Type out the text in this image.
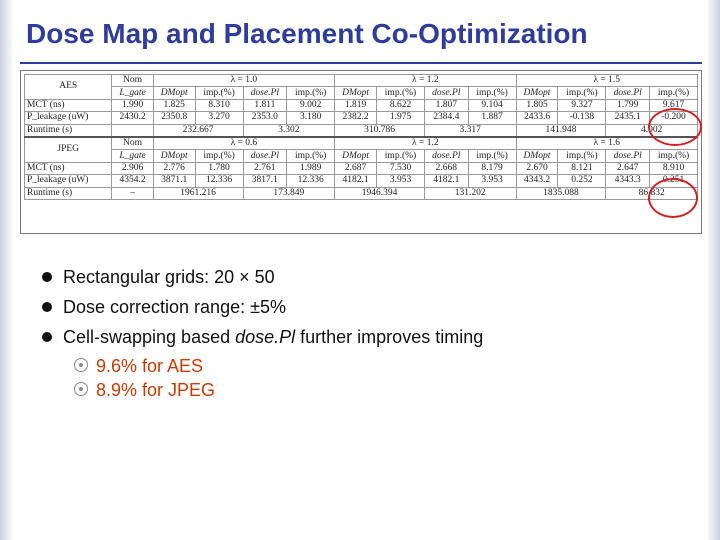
Dose Map and Placement Co-Optimization
AES	Nom	λ = 1.0				λ = 1.2				λ = 1.5			
	L_gate	DMopt	imp.(%)	dose.Pl	imp.(%)	DMopt	imp.(%)	dose.Pl	imp.(%)	DMopt	imp.(%)	dose.Pl	imp.(%)
MCT (ns)	1.990	1.825	8.310	1.811	9.002	1.819	8.622	1.807	9.104	1.805	9.327	1.799	9.617
P_leakage (uW)	2430.2	2350.8	3.270	2353.0	3.180	2382.2	1.975	2384.4	1.887	2433.6	-0.138	2435.1	-0.200
Runtime (s)		232.667		3.302		310.786		3.317		141.948		4.002	
JPEG	Nom	λ = 0.6				λ = 1.2				λ = 1.6			
	L_gate	DMopt	imp.(%)	dose.Pl	imp.(%)	DMopt	imp.(%)	dose.Pl	imp.(%)	DMopt	imp.(%)	dose.Pl	imp.(%)
MCT (ns)	2.906	2.776	1.780	2.761	1.989	2.687	7.530	2.668	8.179	2.670	8.121	2.647	8.910
P_leakage (uW)	4354.2	3871.1	12.336	3817.1	12.336	4182.1	3.953	4182.1	3.953	4343.2	0.252	4343.3	0.251
Runtime (s)	–	1961.216		173.849		1946.394		131.202		1835.088		86.832	
Rectangular grids: 20 × 50
Dose correction range: ±5%
Cell-swapping based dose.Pl further improves timing
9.6% for AES
8.9% for JPEG
